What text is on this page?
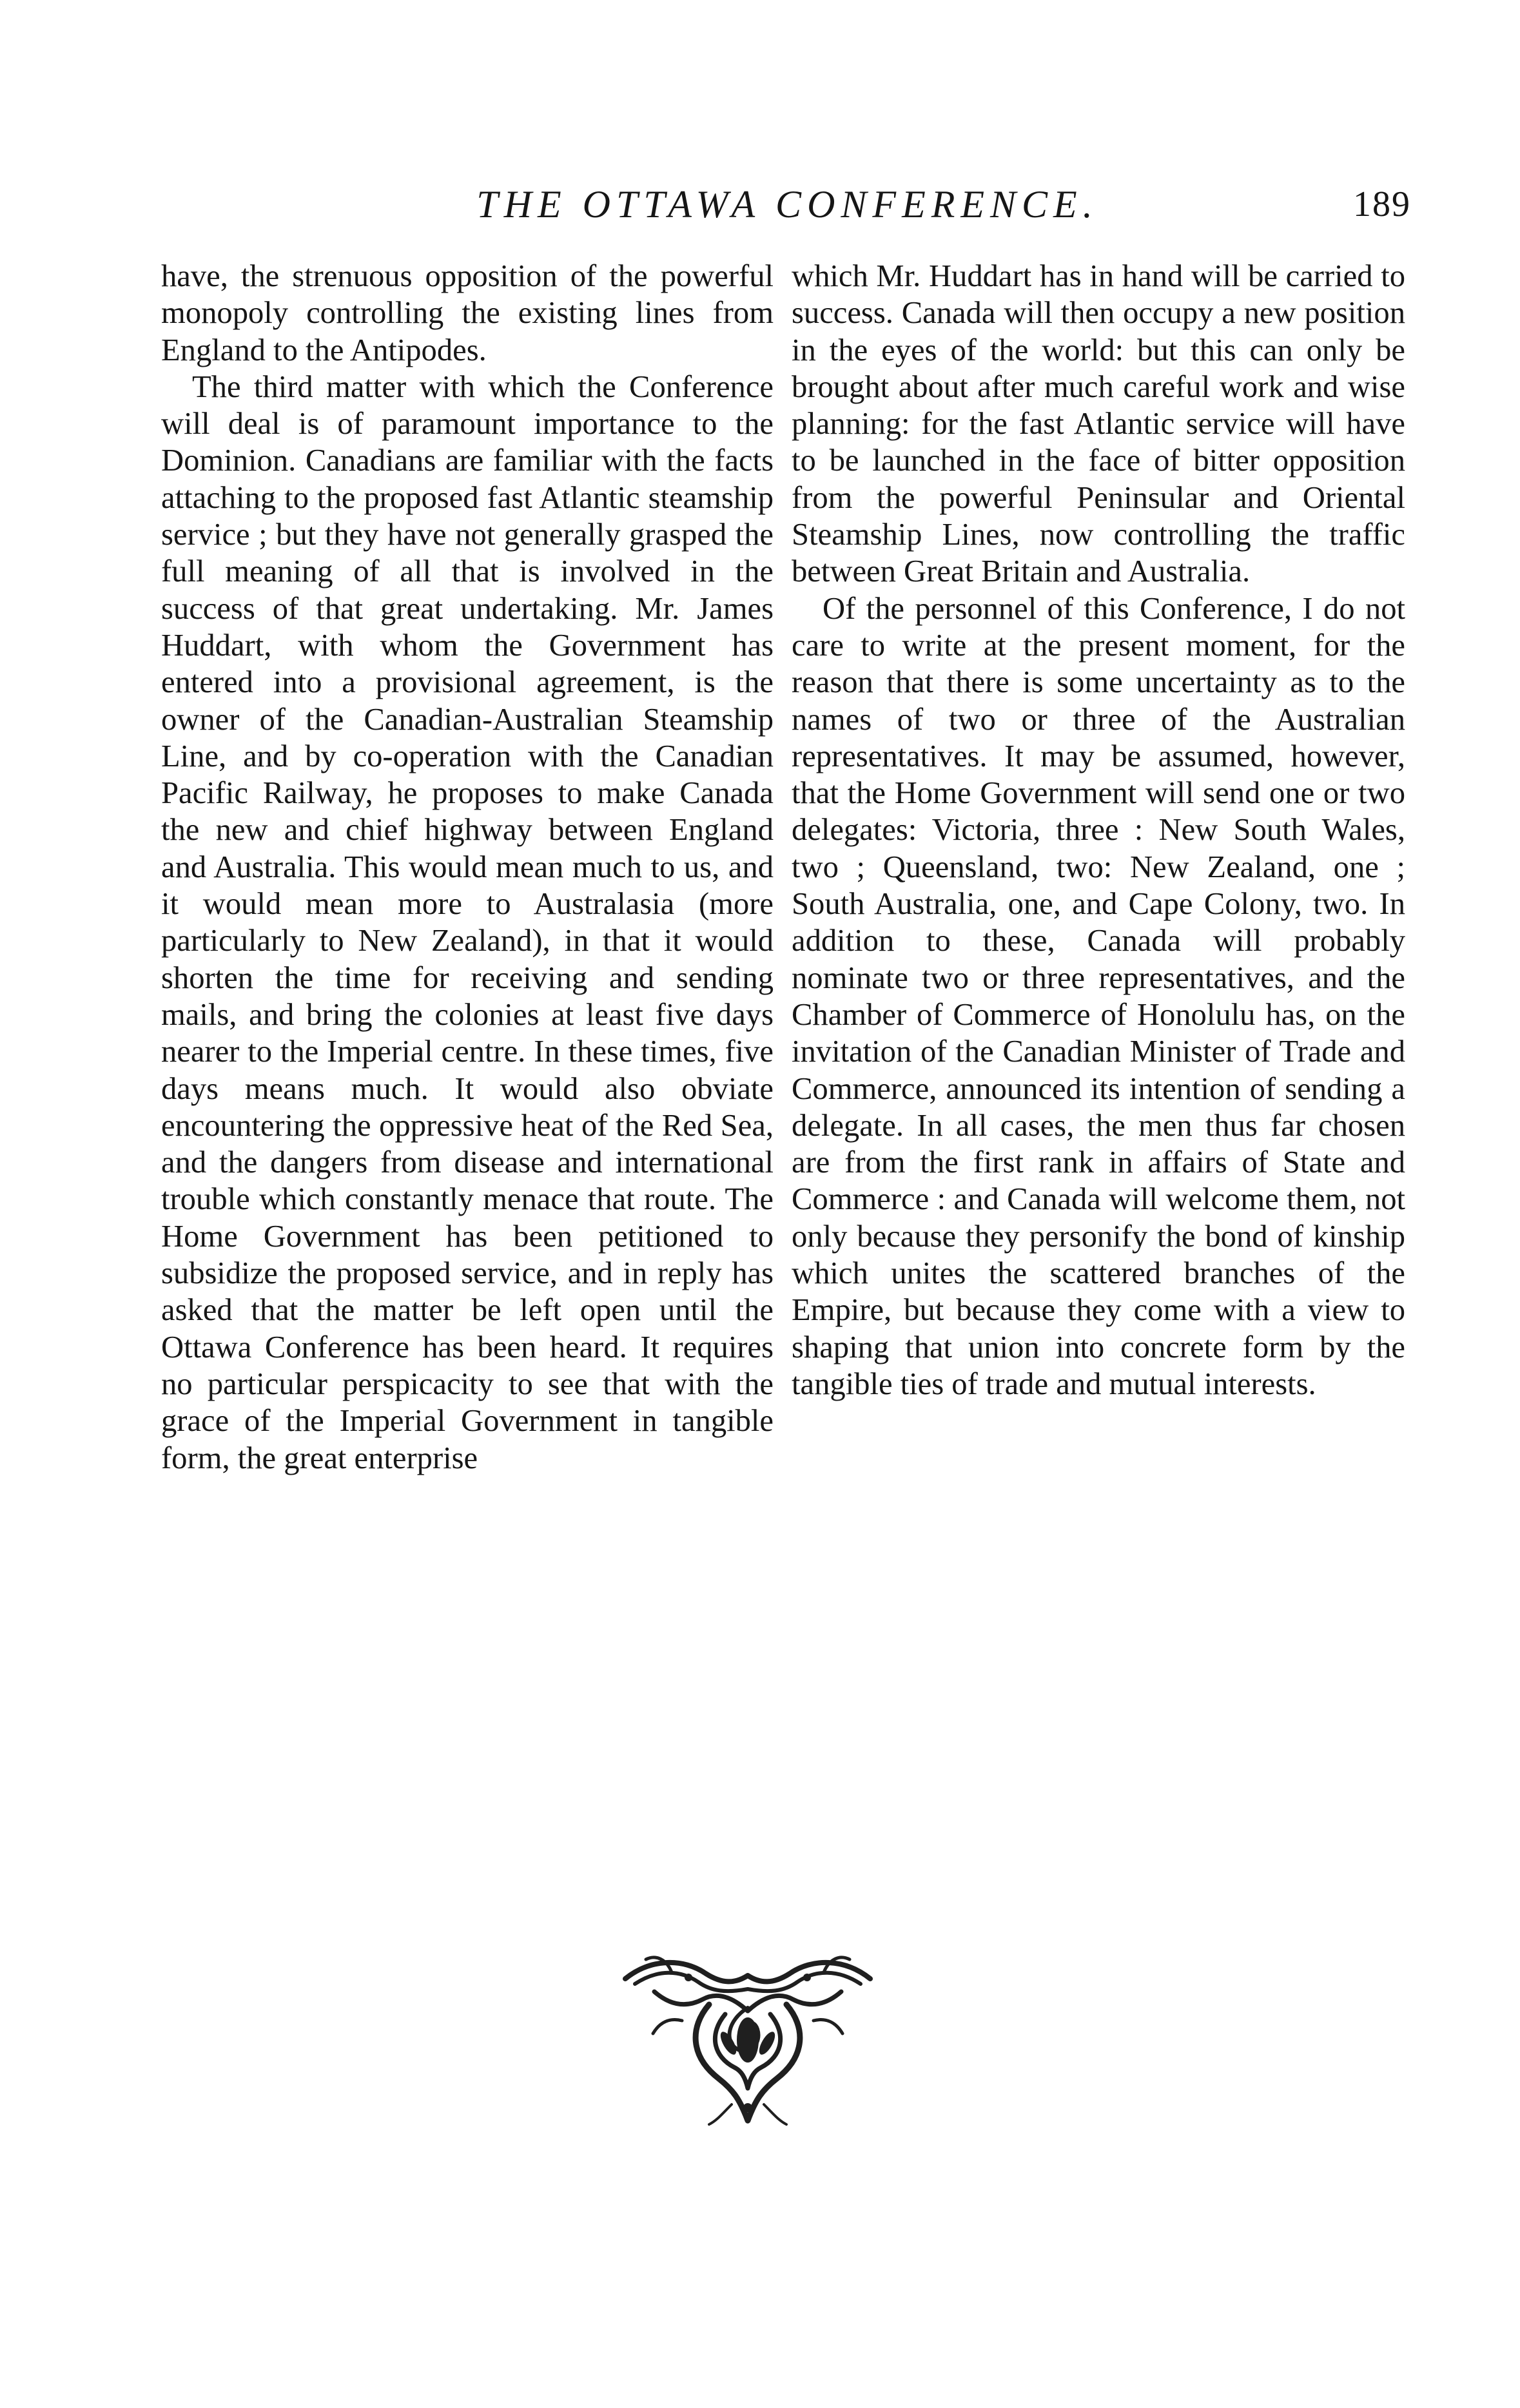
THE OTTAWA CONFERENCE.	189

have, the strenuous opposition of the powerful monopoly controlling the existing lines from England to the Antipodes.

The third matter with which the Conference will deal is of paramount importance to the Dominion. Canadians are familiar with the facts attaching to the proposed fast Atlantic steamship service ; but they have not generally grasped the full meaning of all that is involved in the success of that great undertaking. Mr. James Huddart, with whom the Government has entered into a provisional agreement, is the owner of the Canadian-Australian Steamship Line, and by co-operation with the Canadian Pacific Railway, he proposes to make Canada the new and chief highway between England and Australia. This would mean much to us, and it would mean more to Australasia (more particularly to New Zealand), in that it would shorten the time for receiving and sending mails, and bring the colonies at least five days nearer to the Imperial centre. In these times, five days means much. It would also obviate encountering the oppressive heat of the Red Sea, and the dangers from disease and international trouble which constantly menace that route. The Home Government has been petitioned to subsidize the proposed service, and in reply has asked that the matter be left open until the Ottawa Conference has been heard. It requires no particular perspicacity to see that with the grace of the Imperial Government in tangible form, the great enterprise

which Mr. Huddart has in hand will be carried to success. Canada will then occupy a new position in the eyes of the world: but this can only be brought about after much careful work and wise planning: for the fast Atlantic service will have to be launched in the face of bitter opposition from the powerful Peninsular and Oriental Steamship Lines, now controlling the traffic between Great Britain and Australia.

Of the personnel of this Conference, I do not care to write at the present moment, for the reason that there is some uncertainty as to the names of two or three of the Australian representatives. It may be assumed, however, that the Home Government will send one or two delegates: Victoria, three : New South Wales, two ; Queensland, two: New Zealand, one ; South Australia, one, and Cape Colony, two. In addition to these, Canada will probably nominate two or three representatives, and the Chamber of Commerce of Honolulu has, on the invitation of the Canadian Minister of Trade and Commerce, announced its intention of sending a delegate. In all cases, the men thus far chosen are from the first rank in affairs of State and Commerce : and Canada will welcome them, not only because they personify the bond of kinship which unites the scattered branches of the Empire, but because they come with a view to shaping that union into concrete form by the tangible ties of trade and mutual interests.
